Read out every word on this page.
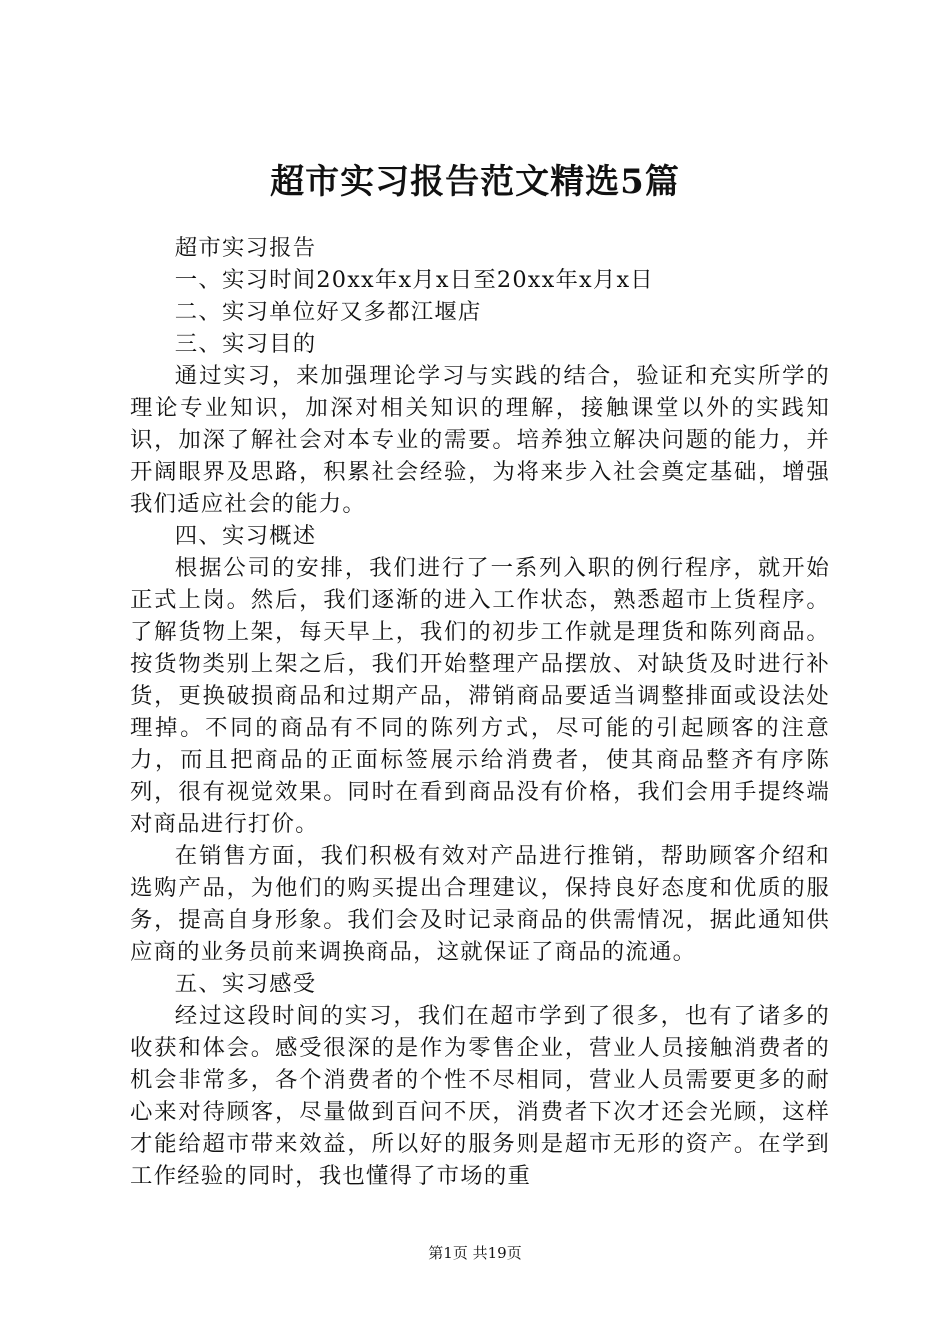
超市实习报告范文精选5篇

超市实习报告

一、实习时间20xx年x月x日至20xx年x月x日

二、实习单位好又多都江堰店

三、实习目的

通过实习，来加强理论学习与实践的结合，验证和充实所学的理论专业知识，加深对相关知识的理解，接触课堂以外的实践知识，加深了解社会对本专业的需要。培养独立解决问题的能力，并开阔眼界及思路，积累社会经验，为将来步入社会奠定基础，增强我们适应社会的能力。

四、实习概述

根据公司的安排，我们进行了一系列入职的例行程序，就开始正式上岗。然后，我们逐渐的进入工作状态，熟悉超市上货程序。了解货物上架，每天早上，我们的初步工作就是理货和陈列商品。按货物类别上架之后，我们开始整理产品摆放、对缺货及时进行补货，更换破损商品和过期产品，滞销商品要适当调整排面或设法处理掉。不同的商品有不同的陈列方式，尽可能的引起顾客的注意力，而且把商品的正面标签展示给消费者，使其商品整齐有序陈列，很有视觉效果。同时在看到商品没有价格，我们会用手提终端对商品进行打价。

在销售方面，我们积极有效对产品进行推销，帮助顾客介绍和选购产品，为他们的购买提出合理建议，保持良好态度和优质的服务，提高自身形象。我们会及时记录商品的供需情况，据此通知供应商的业务员前来调换商品，这就保证了商品的流通。

五、实习感受

经过这段时间的实习，我们在超市学到了很多，也有了诸多的收获和体会。感受很深的是作为零售企业，营业人员接触消费者的机会非常多，各个消费者的个性不尽相同，营业人员需要更多的耐心来对待顾客，尽量做到百问不厌，消费者下次才还会光顾，这样才能给超市带来效益，所以好的服务则是超市无形的资产。在学到工作经验的同时，我也懂得了市场的重

第1页 共19页
